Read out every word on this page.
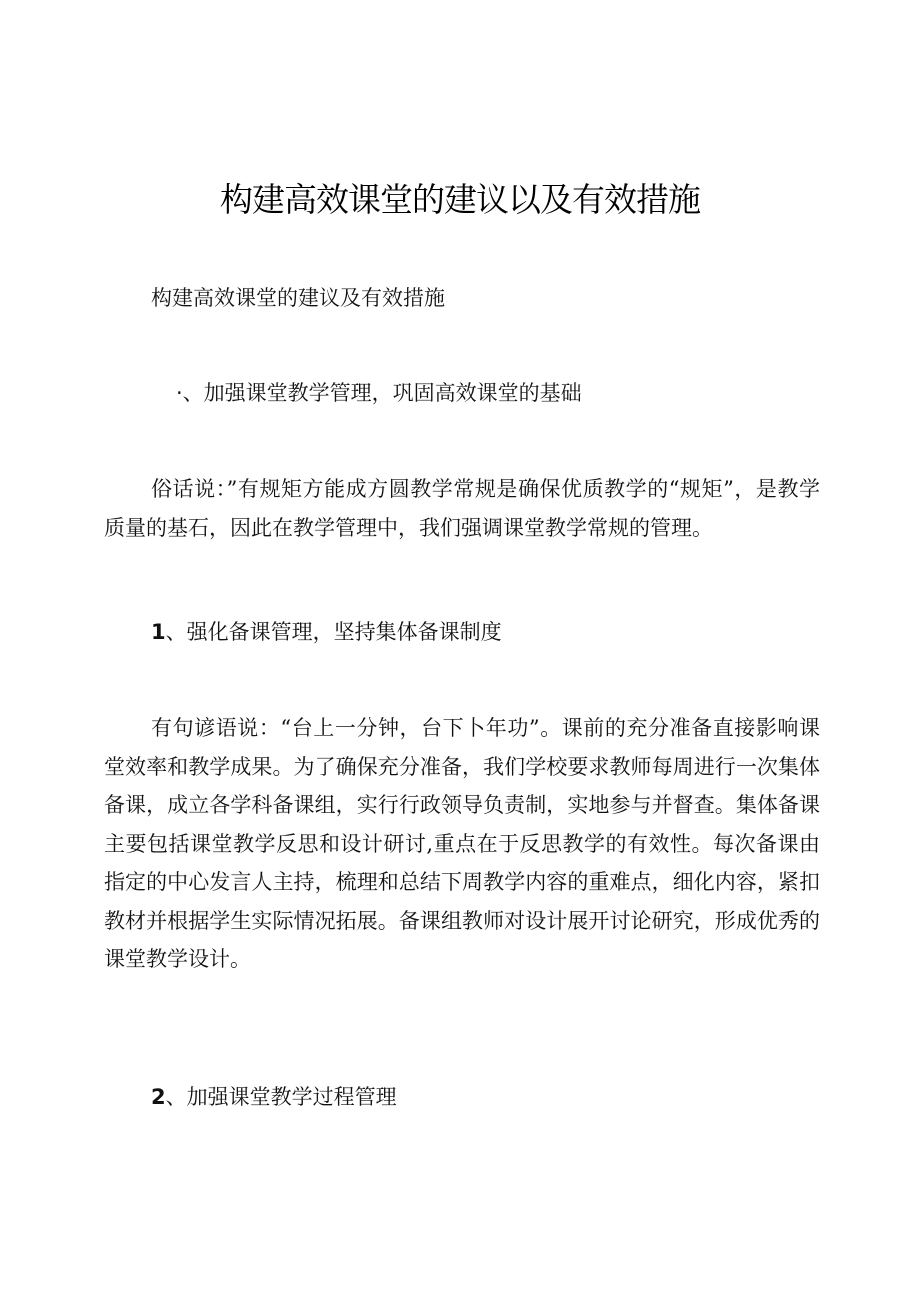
构建高效课堂的建议以及有效措施
构建高效课堂的建议及有效措施
·、加强课堂教学管理，巩固高效课堂的基础

俗话说：”有规矩方能成方圆教学常规是确保优质教学的“规矩”，是教学质量的基石，因此在教学管理中，我们强调课堂教学常规的管理。

1、强化备课管理，坚持集体备课制度

有句谚语说：“台上一分钟，台下卜年功”。课前的充分准备直接影响课堂效率和教学成果。为了确保充分准备，我们学校要求教师每周进行一次集体备课，成立各学科备课组，实行行政领导负责制，实地参与并督查。集体备课主要包括课堂教学反思和设计研讨,重点在于反思教学的有效性。每次备课由指定的中心发言人主持，梳理和总结下周教学内容的重难点，细化内容，紧扣教材并根据学生实际情况拓展。备课组教师对设计展开讨论研究，形成优秀的课堂教学设计。

2、加强课堂教学过程管理
